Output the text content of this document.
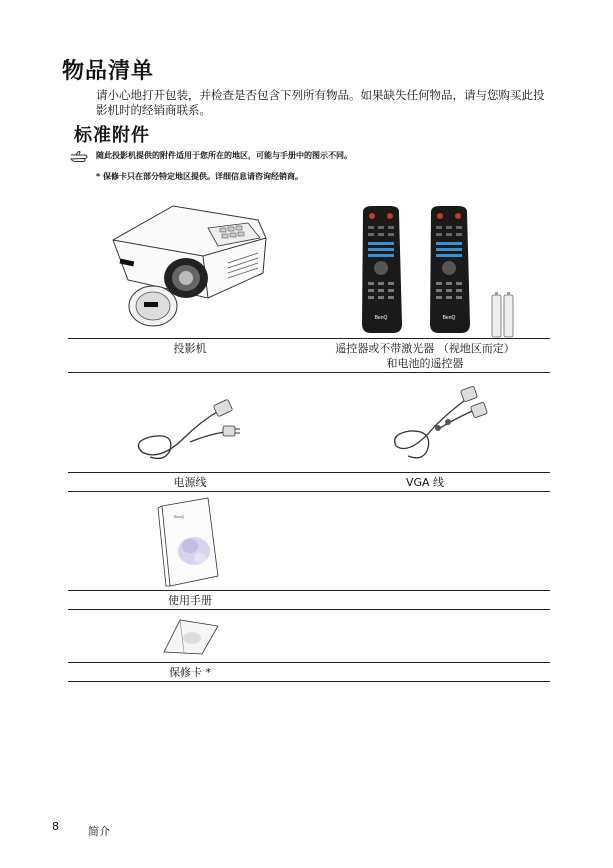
物品清单
请小心地打开包装，并检查是否包含下列所有物品。如果缺失任何物品，请与您购买此投影机时的经销商联系。
标准附件
随此投影机提供的附件适用于您所在的地区，可能与手册中的图示不同。
* 保修卡只在部分特定地区提供。详细信息请咨询经销商。
BenQ	BenQ
投影机	遥控器或不带激光器 （视地区而定）
和电池的遥控器
电源线	VGA 线
BenQ
使用手册
保修卡 *
8	简介
